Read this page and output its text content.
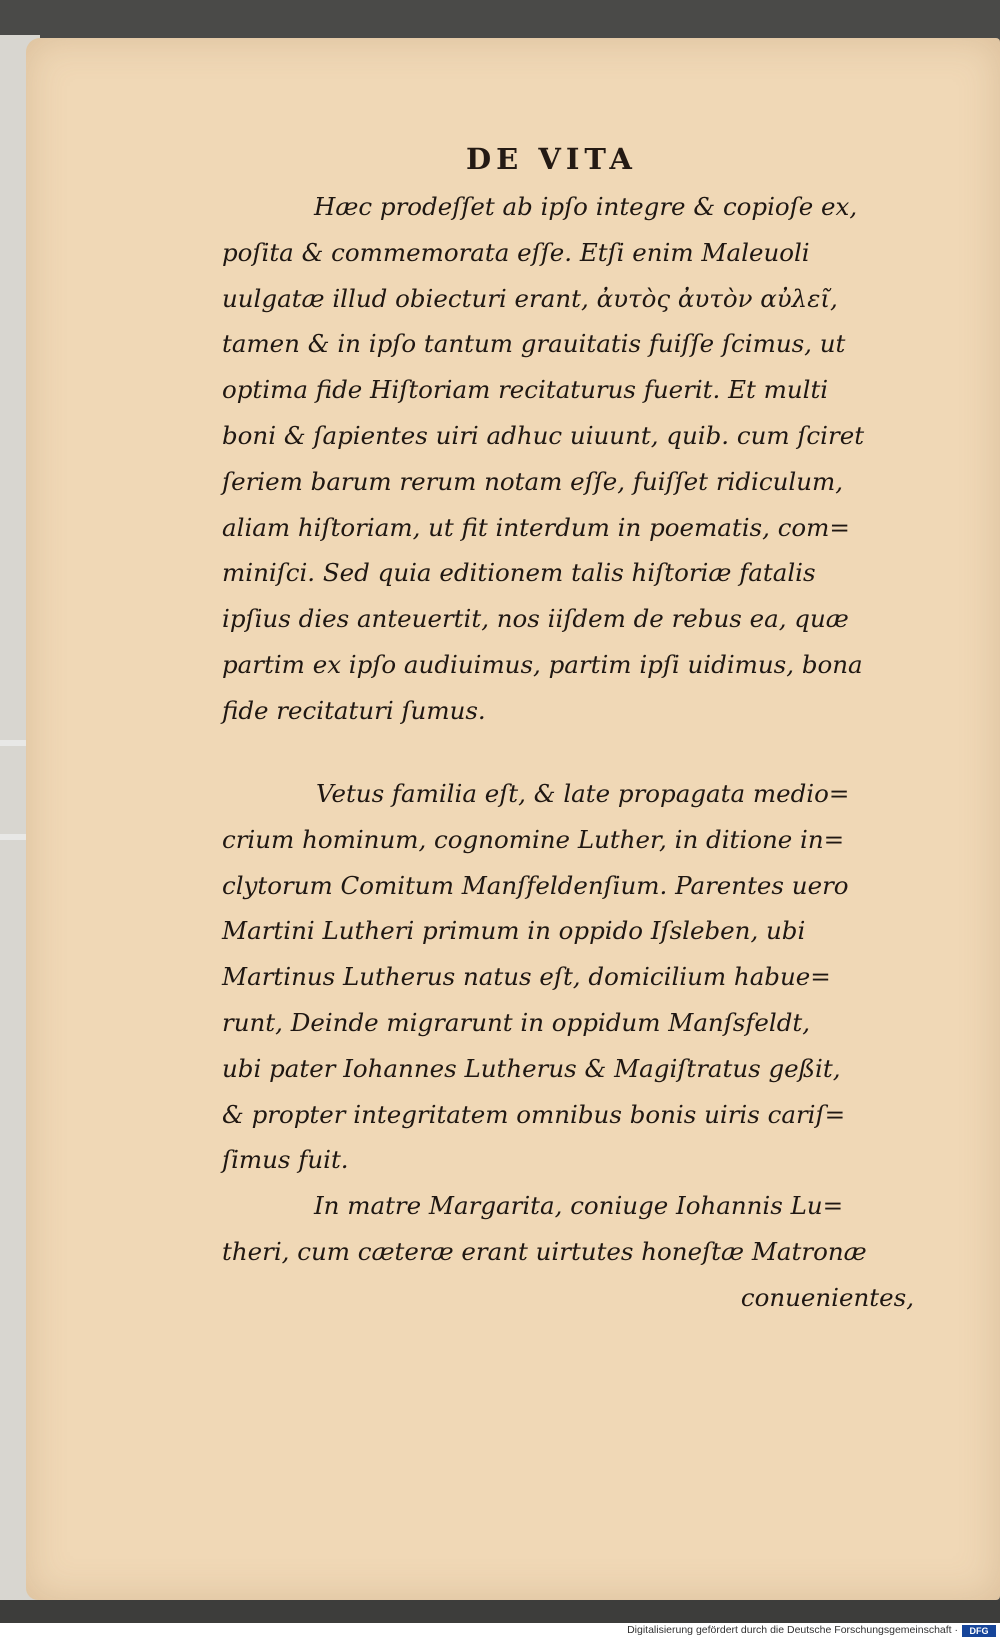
DE VITA
Hæc prodeſſet ab ipſo integre & copioſe ex,
poſita & commemorata eſſe. Etſi enim Maleuoli
uulgatæ illud obiecturi erant, ἀυτὸς ἀυτὸν αὐλεῖ,
tamen & in ipſo tantum grauitatis fuiſſe ſcimus, ut
optima fide Hiſtoriam recitaturus fuerit. Et multi
boni & ſapientes uiri adhuc uiuunt, quib. cum ſciret
ſeriem barum rerum notam eſſe, fuiſſet ridiculum,
aliam hiſtoriam, ut fit interdum in poematis, com=
miniſci. Sed quia editionem talis hiſtoriæ fatalis
ipſius dies anteuertit, nos iiſdem de rebus ea, quæ
partim ex ipſo audiuimus, partim ipſi uidimus, bona
fide recitaturi ſumus.
Vetus familia eſt, & late propagata medio=
crium hominum, cognomine Luther, in ditione in=
clytorum Comitum Manſfeldenſium. Parentes uero
Martini Lutheri primum in oppido Iſsleben, ubi
Martinus Lutherus natus eſt, domicilium habue=
runt, Deinde migrarunt in oppidum Manſsfeldt,
ubi pater Iohannes Lutherus & Magiſtratus geßit,
& propter integritatem omnibus bonis uiris cariſ=
ſimus fuit.
In matre Margarita, coniuge Iohannis Lu=
theri, cum cæteræ erant uirtutes honeſtæ Matronæ
conuenientes,
Digitalisierung gefördert durch die Deutsche Forschungsgemeinschaft ·	DFG
